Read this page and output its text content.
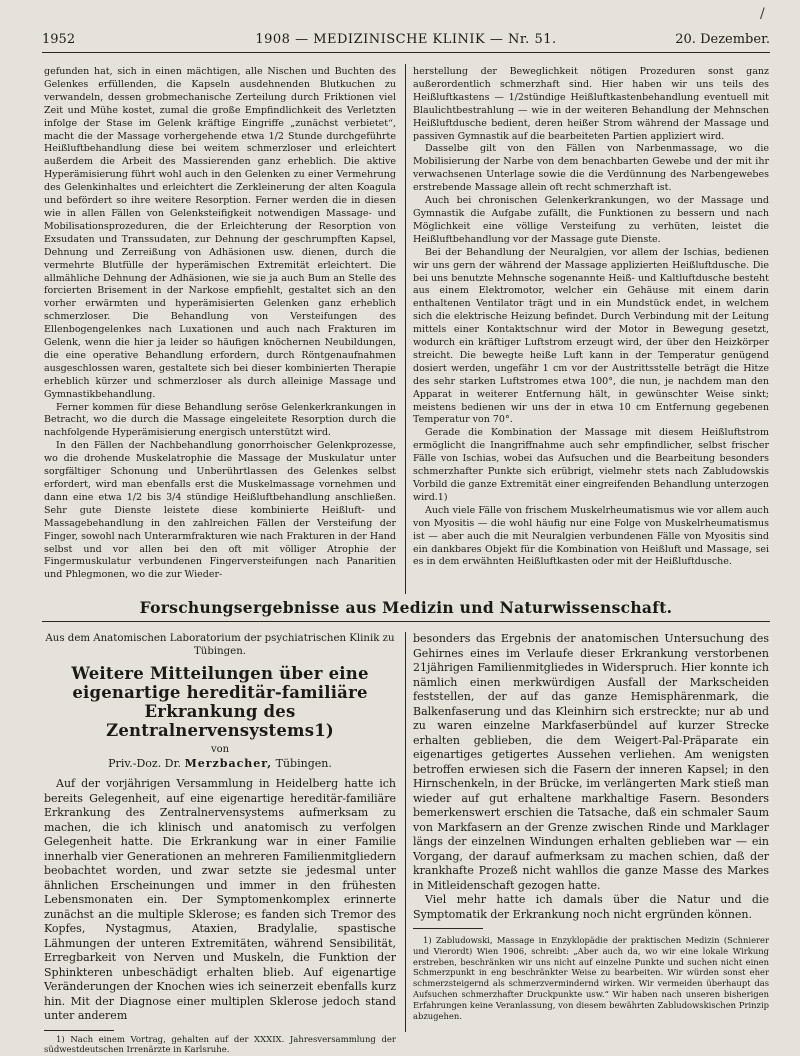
/
1952	1908 — MEDIZINISCHE KLINIK — Nr. 51.	20. Dezember.

gefunden hat, sich in einen mächtigen, alle Nischen und Buchten des Gelenkes erfüllenden, die Kapseln ausdehnenden Blutkuchen zu verwandeln, dessen grobmechanische Zerteilung durch Friktionen viel Zeit und Mühe kostet, zumal die große Empfindlichkeit des Verletzten infolge der Stase im Gelenk kräftige Eingriffe „zunächst verbietet“, macht die der Massage vorhergehende etwa 1/2 Stunde durchgeführte Heißluftbehandlung diese bei weitem schmerzloser und erleichtert außerdem die Arbeit des Massierenden ganz erheblich. Die aktive Hyperämisierung führt wohl auch in den Gelenken zu einer Vermehrung des Gelenkinhaltes und erleichtert die Zerkleinerung der alten Koagula und befördert so ihre weitere Resorption. Ferner werden die in diesen wie in allen Fällen von Gelenksteifigkeit notwendigen Massage- und Mobilisationsprozeduren, die der Erleichterung der Resorption von Exsudaten und Transsudaten, zur Dehnung der geschrumpften Kapsel, Dehnung und Zerreißung von Adhäsionen usw. dienen, durch die vermehrte Blutfülle der hyperämischen Extremität erleichtert. Die allmähliche Dehnung der Adhäsionen, wie sie ja auch Bum an Stelle des forcierten Brisement in der Narkose empfiehlt, gestaltet sich an den vorher erwärmten und hyperämisierten Gelenken ganz erheblich schmerzloser. Die Behandlung von Versteifungen des Ellenbogengelenkes nach Luxationen und auch nach Frakturen im Gelenk, wenn die hier ja leider so häufigen knöchernen Neubildungen, die eine operative Behandlung erfordern, durch Röntgenaufnahmen ausgeschlossen waren, gestaltete sich bei dieser kombinierten Therapie erheblich kürzer und schmerzloser als durch alleinige Massage und Gymnastikbehandlung.

Ferner kommen für diese Behandlung seröse Gelenkerkrankungen in Betracht, wo die durch die Massage eingeleitete Resorption durch die nachfolgende Hyperämisierung energisch unterstützt wird.

In den Fällen der Nachbehandlung gonorrhoischer Gelenkprozesse, wo die drohende Muskelatrophie die Massage der Muskulatur unter sorgfältiger Schonung und Unberührtlassen des Gelenkes selbst erfordert, wird man ebenfalls erst die Muskelmassage vornehmen und dann eine etwa 1/2 bis 3/4 stündige Heißluftbehandlung anschließen. Sehr gute Dienste leistete diese kombinierte Heißluft- und Massagebehandlung in den zahlreichen Fällen der Versteifung der Finger, sowohl nach Unterarmfrakturen wie nach Frakturen in der Hand selbst und vor allen bei den oft mit völliger Atrophie der Fingermuskulatur verbundenen Fingerversteifungen nach Panaritien und Phlegmonen, wo die zur Wieder-

herstellung der Beweglichkeit nötigen Prozeduren sonst ganz außerordentlich schmerzhaft sind. Hier haben wir uns teils des Heißluftkastens — 1/2stündige Heißluftkastenbehandlung eventuell mit Blaulichtbestrahlung — wie in der weiteren Behandlung der Mehnschen Heißluftdusche bedient, deren heißer Strom während der Massage und passiven Gymnastik auf die bearbeiteten Partien appliziert wird.

Dasselbe gilt von den Fällen von Narbenmassage, wo die Mobilisierung der Narbe von dem benachbarten Gewebe und der mit ihr verwachsenen Unterlage sowie die die Verdünnung des Narbengewebes erstrebende Massage allein oft recht schmerzhaft ist.

Auch bei chronischen Gelenkerkrankungen, wo der Massage und Gymnastik die Aufgabe zufällt, die Funktionen zu bessern und nach Möglichkeit eine völlige Versteifung zu verhüten, leistet die Heißluftbehandlung vor der Massage gute Dienste.

Bei der Behandlung der Neuralgien, vor allem der Ischias, bedienen wir uns gern der während der Massage applizierten Heißluftdusche. Die bei uns benutzte Mehnsche sogenannte Heiß- und Kaltluftdusche besteht aus einem Elektromotor, welcher ein Gehäuse mit einem darin enthaltenen Ventilator trägt und in ein Mundstück endet, in welchem sich die elektrische Heizung befindet. Durch Verbindung mit der Leitung mittels einer Kontaktschnur wird der Motor in Bewegung gesetzt, wodurch ein kräftiger Luftstrom erzeugt wird, der über den Heizkörper streicht. Die bewegte heiße Luft kann in der Temperatur genügend dosiert werden, ungefähr 1 cm vor der Austrittsstelle beträgt die Hitze des sehr starken Luftstromes etwa 100°, die nun, je nachdem man den Apparat in weiterer Entfernung hält, in gewünschter Weise sinkt; meistens bedienen wir uns der in etwa 10 cm Entfernung gegebenen Temperatur von 70°.

Gerade die Kombination der Massage mit diesem Heißluftstrom ermöglicht die Inangriffnahme auch sehr empfindlicher, selbst frischer Fälle von Ischias, wobei das Aufsuchen und die Bearbeitung besonders schmerzhafter Punkte sich erübrigt, vielmehr stets nach Zabludowskis Vorbild die ganze Extremität einer eingreifenden Behandlung unterzogen wird.1)

Auch viele Fälle von frischem Muskelrheumatismus wie vor allem auch von Myositis — die wohl häufig nur eine Folge von Muskelrheumatismus ist — aber auch die mit Neuralgien verbundenen Fälle von Myositis sind ein dankbares Objekt für die Kombination von Heißluft und Massage, sei es in dem erwähnten Heißluftkasten oder mit der Heißluftdusche.

Forschungsergebnisse aus Medizin und Naturwissenschaft.
Aus dem Anatomischen Laboratorium der psychiatrischen Klinik zu Tübingen.
Weitere Mitteilungen über eine eigenartige hereditär-familiäre Erkrankung des Zentralnervensystems1)
von
Priv.-Doz. Dr. Merzbacher, Tübingen.

Auf der vorjährigen Versammlung in Heidelberg hatte ich bereits Gelegenheit, auf eine eigenartige hereditär-familiäre Erkrankung des Zentralnervensystems aufmerksam zu machen, die ich klinisch und anatomisch zu verfolgen Gelegenheit hatte. Die Erkrankung war in einer Familie innerhalb vier Generationen an mehreren Familienmitgliedern beobachtet worden, und zwar setzte sie jedesmal unter ähnlichen Erscheinungen und immer in den frühesten Lebensmonaten ein. Der Symptomenkomplex erinnerte zunächst an die multiple Sklerose; es fanden sich Tremor des Kopfes, Nystagmus, Ataxien, Bradylalie, spastische Lähmungen der unteren Extremitäten, während Sensibilität, Erregbarkeit von Nerven und Muskeln, die Funktion der Sphinkteren unbeschädigt erhalten blieb. Auf eigenartige Veränderungen der Knochen wies ich seinerzeit ebenfalls kurz hin. Mit der Diagnose einer multiplen Sklerose jedoch stand unter anderem

1) Nach einem Vortrag, gehalten auf der XXXIX. Jahresversammlung der südwestdeutschen Irrenärzte in Karlsruhe.

besonders das Ergebnis der anatomischen Untersuchung des Gehirnes eines im Verlaufe dieser Erkrankung verstorbenen 21jährigen Familienmitgliedes in Widerspruch. Hier konnte ich nämlich einen merkwürdigen Ausfall der Markscheiden feststellen, der auf das ganze Hemisphärenmark, die Balkenfaserung und das Kleinhirn sich erstreckte; nur ab und zu waren einzelne Markfaserbündel auf kurzer Strecke erhalten geblieben, die dem Weigert-Pal-Präparate ein eigenartiges getigertes Aussehen verliehen. Am wenigsten betroffen erwiesen sich die Fasern der inneren Kapsel; in den Hirnschenkeln, in der Brücke, im verlängerten Mark stieß man wieder auf gut erhaltene markhaltige Fasern. Besonders bemerkenswert erschien die Tatsache, daß ein schmaler Saum von Markfasern an der Grenze zwischen Rinde und Marklager längs der einzelnen Windungen erhalten geblieben war — ein Vorgang, der darauf aufmerksam zu machen schien, daß der krankhafte Prozeß nicht wahllos die ganze Masse des Markes in Mitleidenschaft gezogen hatte.

Viel mehr hatte ich damals über die Natur und die Symptomatik der Erkrankung noch nicht ergründen können.

1) Zabludowski, Massage in Enzyklopädie der praktischen Medizin (Schnierer und Vierordt) Wien 1906, schreibt: „Aber auch da, wo wir eine lokale Wirkung erstreben, beschränken wir uns nicht auf einzelne Punkte und suchen nicht einen Schmerzpunkt in eng beschränkter Weise zu bearbeiten. Wir würden sonst eher schmerzsteigernd als schmerzvermindernd wirken. Wir vermeiden überhaupt das Aufsuchen schmerzhafter Druckpunkte usw.“ Wir haben nach unseren bisherigen Erfahrungen keine Veranlassung, von diesem bewährten Zabludowskischen Prinzip abzugehen.
